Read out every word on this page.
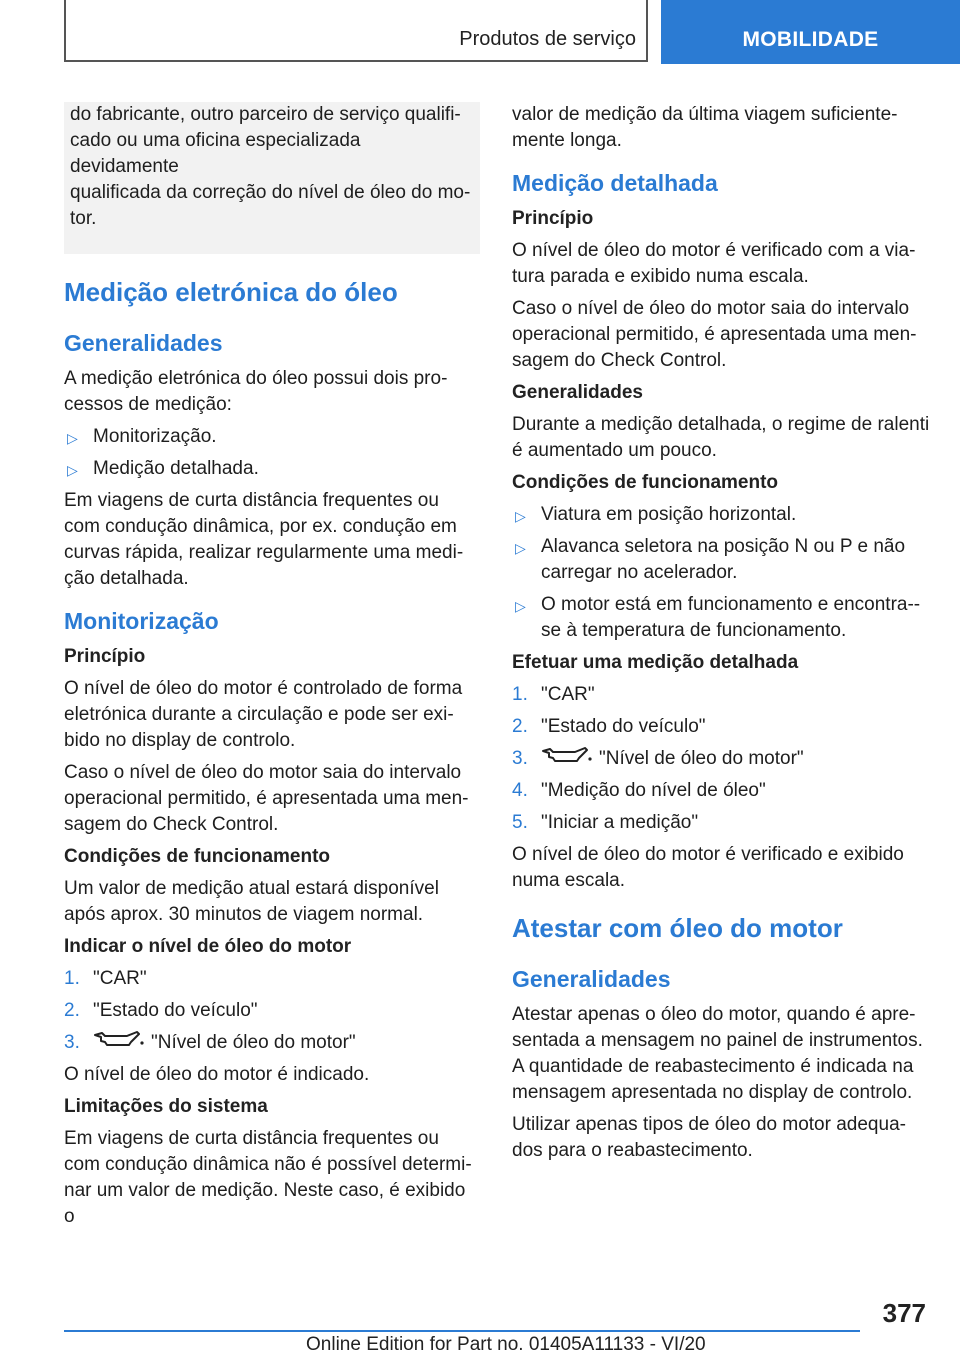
Produtos de serviço	MOBILIDADE

do fabricante, outro parceiro de serviço qualifi-

cado ou uma oficina especializada devidamente

qualificada da correção do nível de óleo do mo-

tor.

Medição eletrónica do óleo
Generalidades

A medição eletrónica do óleo possui dois pro-cessos de medição:

▷ Monitorização.
▷ Medição detalhada.

Em viagens de curta distância frequentes ou com condução dinâmica, por ex. condução em curvas rápida, realizar regularmente uma medi-ção detalhada.

Monitorização
Princípio

O nível de óleo do motor é controlado de forma eletrónica durante a circulação e pode ser exi-bido no display de controlo.

Caso o nível de óleo do motor saia do intervalo operacional permitido, é apresentada uma men-sagem do Check Control.

Condições de funcionamento

Um valor de medição atual estará disponível após aprox. 30 minutos de viagem normal.

Indicar o nível de óleo do motor
1. "CAR"
2. "Estado do veículo"
3.	"Nível de óleo do motor"

O nível de óleo do motor é indicado.

Limitações do sistema

Em viagens de curta distância frequentes ou com condução dinâmica não é possível determi-nar um valor de medição. Neste caso, é exibido o

valor de medição da última viagem suficiente-mente longa.

Medição detalhada
Princípio

O nível de óleo do motor é verificado com a via-tura parada e exibido numa escala.

Caso o nível de óleo do motor saia do intervalo operacional permitido, é apresentada uma men-sagem do Check Control.

Generalidades

Durante a medição detalhada, o regime de ralenti é aumentado um pouco.

Condições de funcionamento
▷ Viatura em posição horizontal.
▷ Alavanca seletora na posição N ou P e não carregar no acelerador.
▷ O motor está em funcionamento e encontra--se à temperatura de funcionamento.
Efetuar uma medição detalhada
1. "CAR"
2. "Estado do veículo"
3.	"Nível de óleo do motor"
4. "Medição do nível de óleo"
5. "Iniciar a medição"

O nível de óleo do motor é verificado e exibido numa escala.

Atestar com óleo do motor
Generalidades

Atestar apenas o óleo do motor, quando é apre-sentada a mensagem no painel de instrumentos. A quantidade de reabastecimento é indicada na mensagem apresentada no display de controlo.

Utilizar apenas tipos de óleo do motor adequa-dos para o reabastecimento.

377
Online Edition for Part no. 01405A11133 - VI/20
